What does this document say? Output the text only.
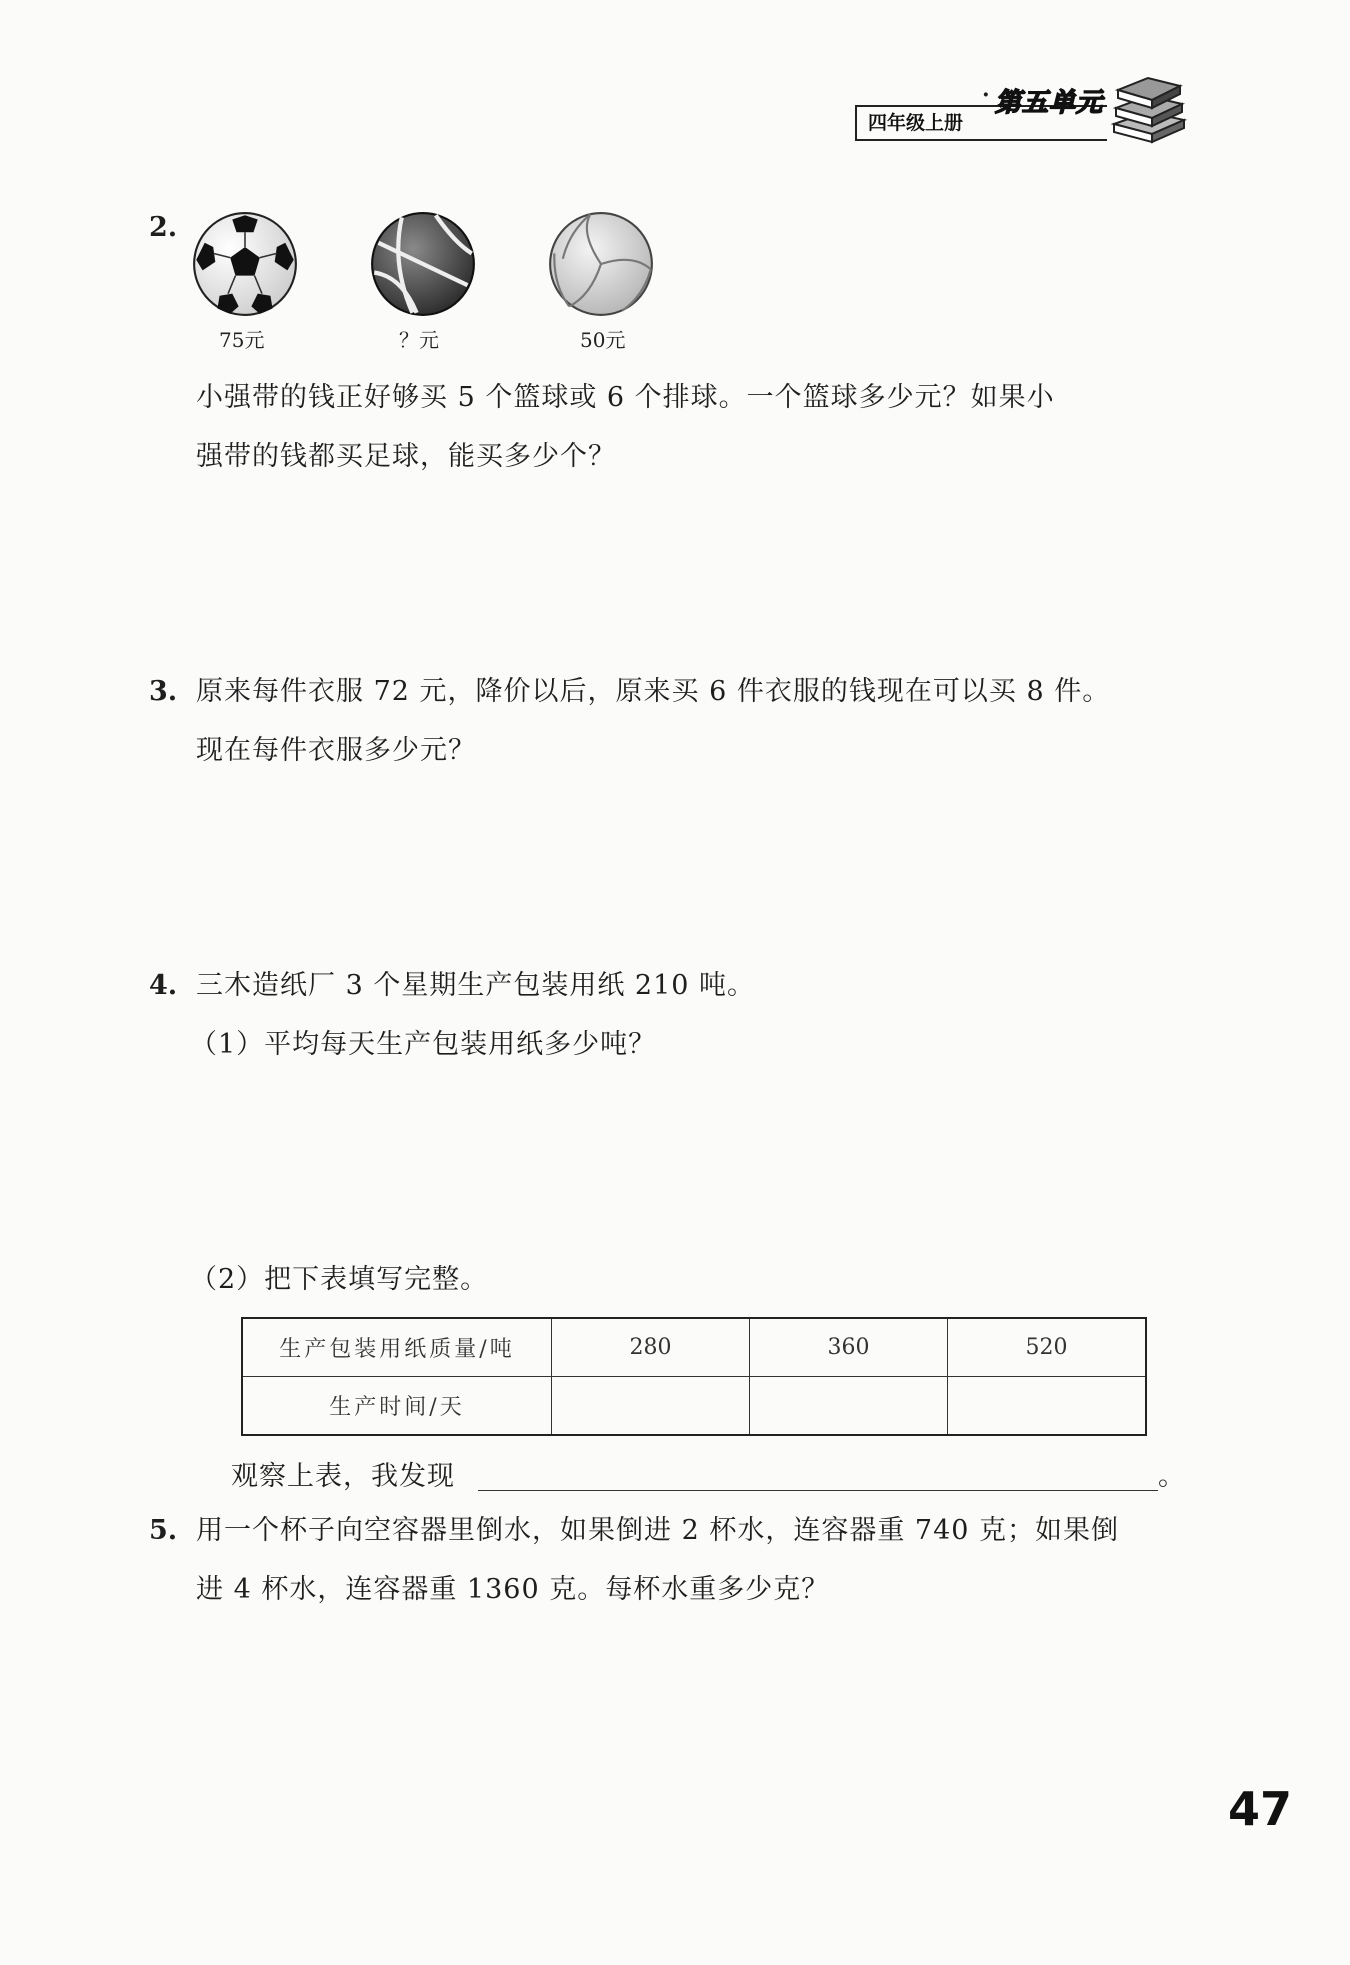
四年级上册
· 第五单元
2.
75元	？元	50元
小强带的钱正好够买 5 个篮球或 6 个排球。一个篮球多少元？如果小
强带的钱都买足球，能买多少个？
3. 原来每件衣服 72 元，降价以后，原来买 6 件衣服的钱现在可以买 8 件。
现在每件衣服多少元？
4. 三木造纸厂 3 个星期生产包装用纸 210 吨。
（1）平均每天生产包装用纸多少吨？
（2）把下表填写完整。
生产包装用纸质量/吨	280	360	520
生产时间/天			
观察上表，我发现	。
5. 用一个杯子向空容器里倒水，如果倒进 2 杯水，连容器重 740 克；如果倒
进 4 杯水，连容器重 1360 克。每杯水重多少克？
47
